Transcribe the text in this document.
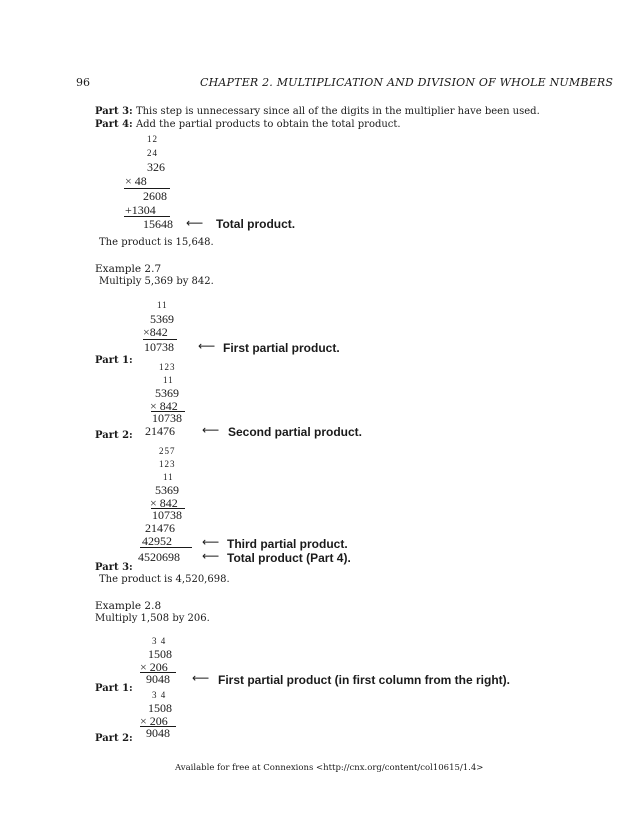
96	CHAPTER 2. MULTIPLICATION AND DIVISION OF WHOLE NUMBERS
Part 3: This step is unnecessary since all of the digits in the multiplier have been used.
Part 4: Add the partial products to obtain the total product.
12
24
326
× 48
2608
+1304
15648 ⟵ Total product.
The product is 15,648.
Example 2.7
Multiply 5,369 by 842.
11
5369
×842
10738 ⟵ First partial product.
Part 1:
123
11
5369
× 842
10738
21476 ⟵ Second partial product.
Part 2:
257
123
11
5369
× 842
10738
21476
42952
4520698
⟵ Third partial product.
⟵ Total product (Part 4).
Part 3:
The product is 4,520,698.
Example 2.8
Multiply 1,508 by 206.
3 4
1508
× 206
9048 ⟵ First partial product (in first column from the right).
Part 1:
3 4
1508
× 206
9048
Part 2:
Available for free at Connexions <http://cnx.org/content/col10615/1.4>
